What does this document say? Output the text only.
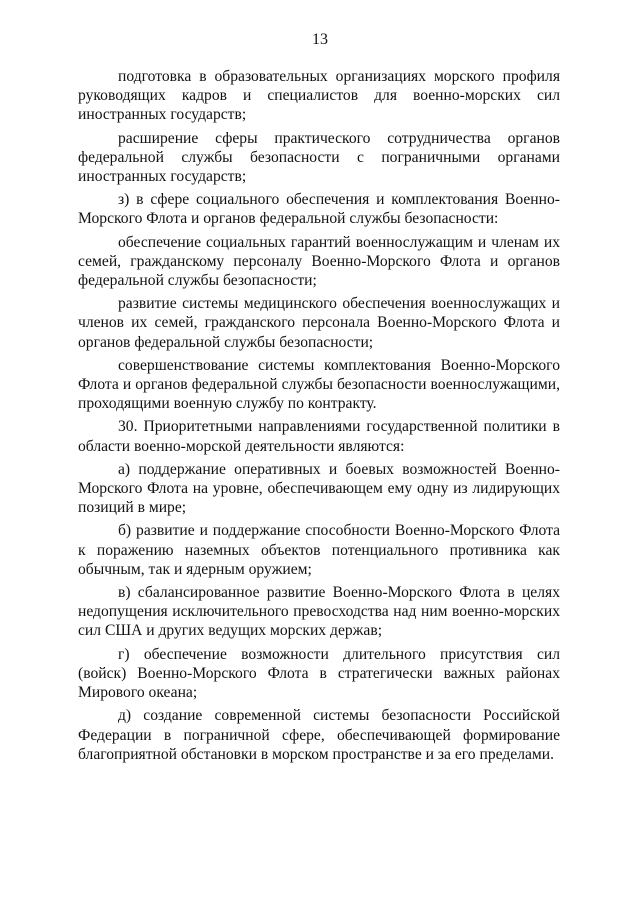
13

подготовка в образовательных организациях морского профиля руководящих кадров и специалистов для военно-морских сил иностранных государств;

расширение сферы практического сотрудничества органов федеральной службы безопасности с пограничными органами иностранных государств;

з) в сфере социального обеспечения и комплектования Военно-Морского Флота и органов федеральной службы безопасности:

обеспечение социальных гарантий военнослужащим и членам их семей, гражданскому персоналу Военно-Морского Флота и органов федеральной службы безопасности;

развитие системы медицинского обеспечения военнослужащих и членов их семей, гражданского персонала Военно-Морского Флота и органов федеральной службы безопасности;

совершенствование системы комплектования Военно-Морского Флота и органов федеральной службы безопасности военнослужащими, проходящими военную службу по контракту.

30. Приоритетными направлениями государственной политики в области военно-морской деятельности являются:

а) поддержание оперативных и боевых возможностей Военно-Морского Флота на уровне, обеспечивающем ему одну из лидирующих позиций в мире;

б) развитие и поддержание способности Военно-Морского Флота к поражению наземных объектов потенциального противника как обычным, так и ядерным оружием;

в) сбалансированное развитие Военно-Морского Флота в целях недопущения исключительного превосходства над ним военно-морских сил США и других ведущих морских держав;

г) обеспечение возможности длительного присутствия сил (войск) Военно-Морского Флота в стратегически важных районах Мирового океана;

д) создание современной системы безопасности Российской Федерации в пограничной сфере, обеспечивающей формирование благоприятной обстановки в морском пространстве и за его пределами.
